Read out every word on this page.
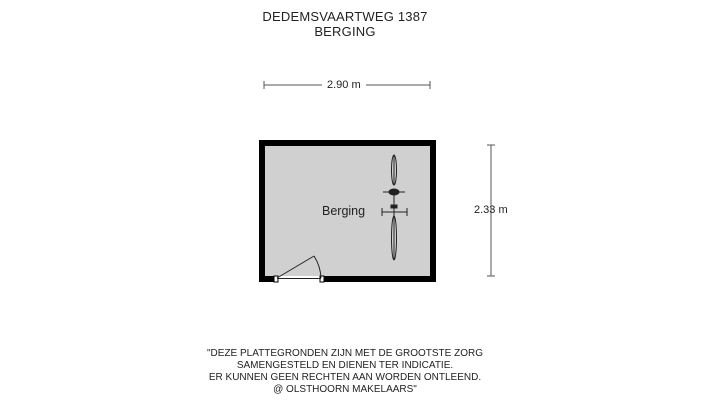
DEDEMSVAARTWEG 1387
BERGING
2.90 m
2.33 m
Berging
"DEZE PLATTEGRONDEN ZIJN MET DE GROOTSTE ZORG
SAMENGESTELD EN DIENEN TER INDICATIE.
ER KUNNEN GEEN RECHTEN AAN WORDEN ONTLEEND.
@ OLSTHOORN MAKELAARS"
